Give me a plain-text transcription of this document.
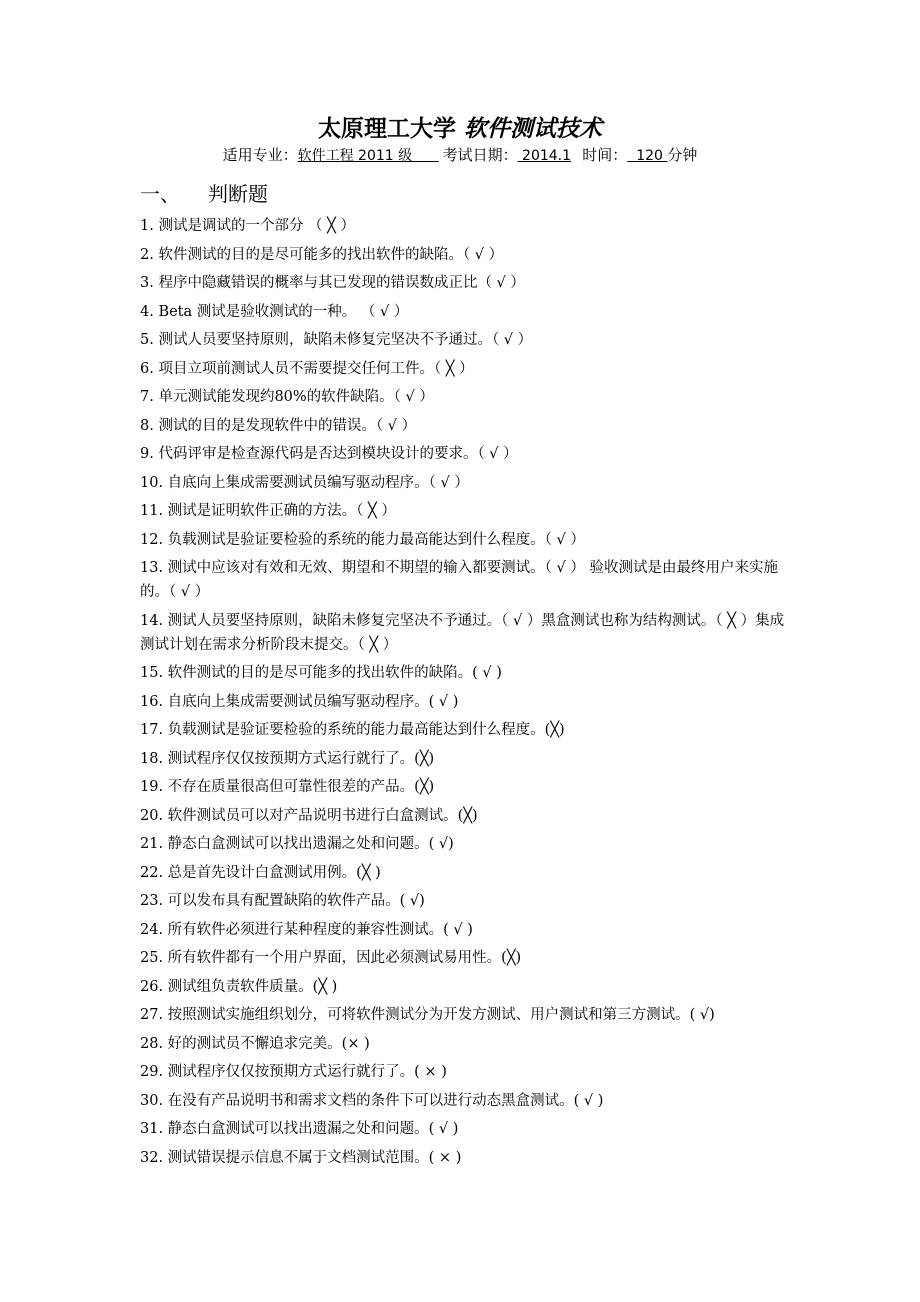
太原理工大学 软件测试技术
适用专业：软件工程 2011 级 考试日期： 2014.1 时间： 120 分钟
一、 判断题
1. 测试是调试的一个部分 （ ╳ ）
2. 软件测试的目的是尽可能多的找出软件的缺陷。（ √ ）
3. 程序中隐藏错误的概率与其已发现的错误数成正比（ √ ）
4. Beta 测试是验收测试的一种。 （ √ ）
5. 测试人员要坚持原则，缺陷未修复完坚决不予通过。（ √ ）
6. 项目立项前测试人员不需要提交任何工件。（ ╳ ）
7. 单元测试能发现约80%的软件缺陷。（ √ ）
8. 测试的目的是发现软件中的错误。（ √ ）
9. 代码评审是检查源代码是否达到模块设计的要求。（ √ ）
10. 自底向上集成需要测试员编写驱动程序。（ √ ）
11. 测试是证明软件正确的方法。（ ╳ ）
12. 负载测试是验证要检验的系统的能力最高能达到什么程度。（ √ ）
13. 测试中应该对有效和无效、期望和不期望的输入都要测试。（ √ ） 验收测试是由最终用户来实施的。（ √ ）
14. 测试人员要坚持原则，缺陷未修复完坚决不予通过。（ √ ）黑盒测试也称为结构测试。（ ╳ ）集成测试计划在需求分析阶段末提交。（ ╳ ）
15. 软件测试的目的是尽可能多的找出软件的缺陷。( √ )
16. 自底向上集成需要测试员编写驱动程序。( √ )
17. 负载测试是验证要检验的系统的能力最高能达到什么程度。(╳)
18. 测试程序仅仅按预期方式运行就行了。(╳)
19. 不存在质量很高但可靠性很差的产品。(╳)
20. 软件测试员可以对产品说明书进行白盒测试。(╳)
21. 静态白盒测试可以找出遗漏之处和问题。( √)
22. 总是首先设计白盒测试用例。(╳ )
23. 可以发布具有配置缺陷的软件产品。( √)
24. 所有软件必须进行某种程度的兼容性测试。( √ )
25. 所有软件都有一个用户界面，因此必须测试易用性。(╳)
26. 测试组负责软件质量。(╳ )
27. 按照测试实施组织划分，可将软件测试分为开发方测试、用户测试和第三方测试。( √)
28. 好的测试员不懈追求完美。(× )
29. 测试程序仅仅按预期方式运行就行了。( × )
30. 在没有产品说明书和需求文档的条件下可以进行动态黑盒测试。( √ )
31. 静态白盒测试可以找出遗漏之处和问题。( √ )
32. 测试错误提示信息不属于文档测试范围。( × )
